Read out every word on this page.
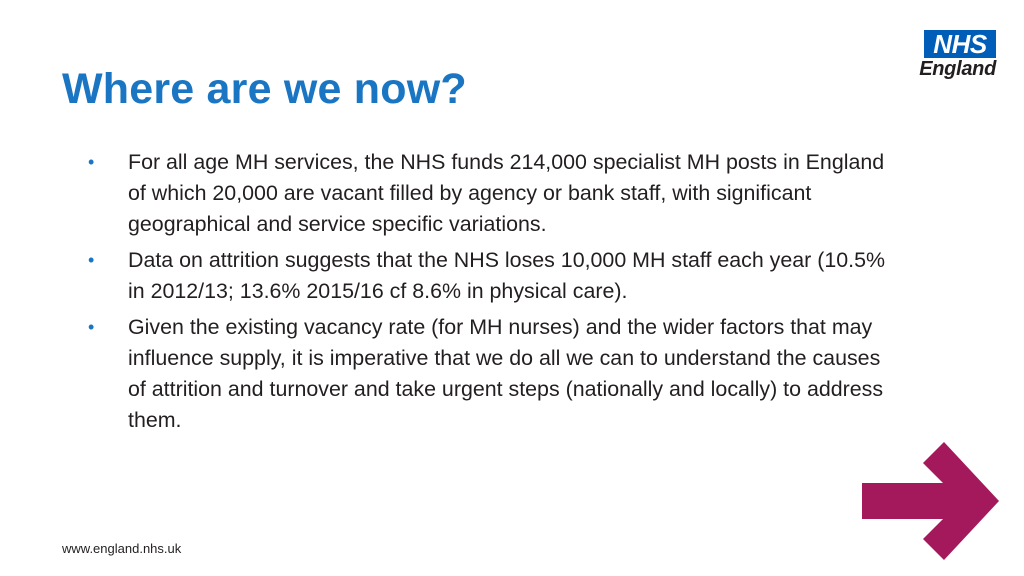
Where are we now?
NHS
England
• For all age MH services, the NHS funds 214,000 specialist MH posts in England of which 20,000 are vacant filled by agency or bank staff, with significant geographical and service specific variations.
• Data on attrition suggests that the NHS loses 10,000 MH staff each year (10.5% in 2012/13; 13.6% 2015/16 cf 8.6% in physical care).
• Given the existing vacancy rate (for MH nurses) and the wider factors that may influence supply, it is imperative that we do all we can to understand the causes of attrition and turnover and take urgent steps (nationally and locally) to address them.
www.england.nhs.uk
